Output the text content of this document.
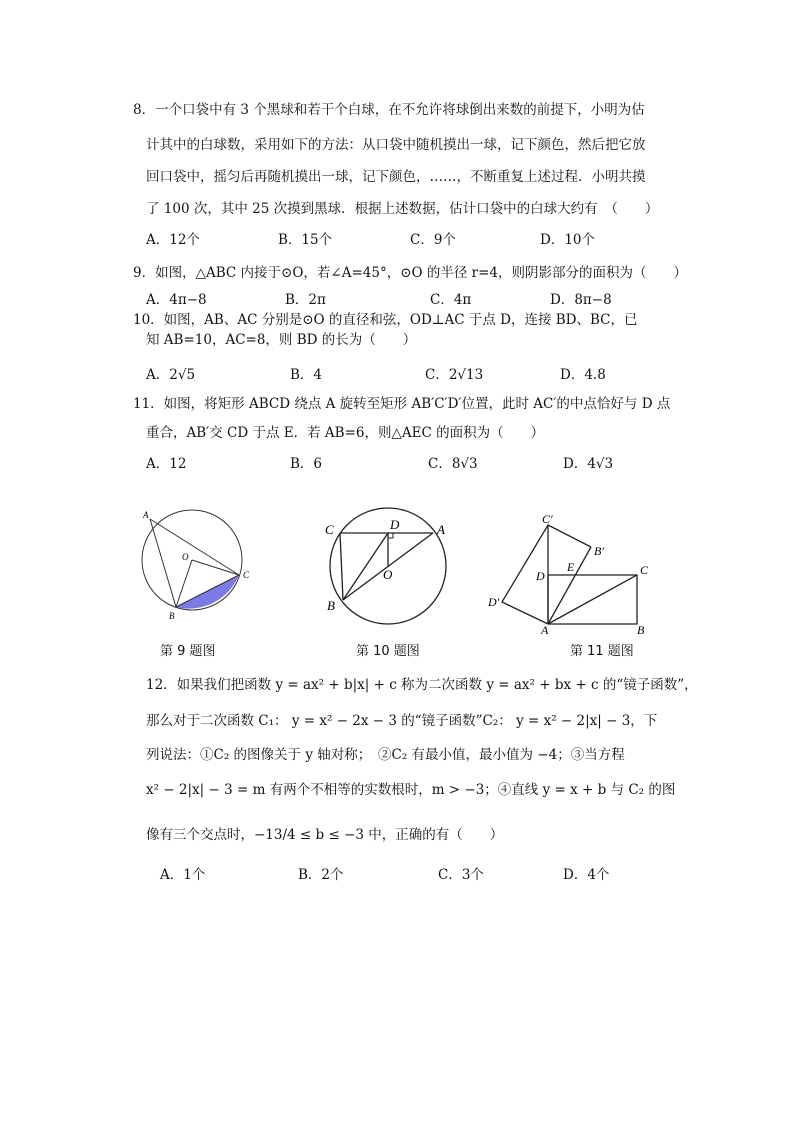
8．一个口袋中有 3 个黑球和若干个白球，在不允许将球倒出来数的前提下，小明为估
计其中的白球数，采用如下的方法：从口袋中随机摸出一球，记下颜色，然后把它放
回口袋中，摇匀后再随机摸出一球，记下颜色，……，不断重复上述过程．小明共摸
了 100 次，其中 25 次摸到黑球．根据上述数据，估计口袋中的白球大约有　（　　）
A．12个	B．15个	C．9个	D．10个
9．如图，△ABC 内接于⊙O，若∠A=45°，⊙O 的半径 r=4，则阴影部分的面积为（　　）
A．4π−8	B．2π	C．4π	D．8π−8
10．如图，AB、AC 分别是⊙O 的直径和弦，OD⊥AC 于点 D，连接 BD、BC，已
知 AB=10，AC=8，则 BD 的长为（　　）
A．2√5	B．4	C．2√13	D．4.8
11．如图，将矩形 ABCD 绕点 A 旋转至矩形 AB′C′D′位置，此时 AC′的中点恰好与 D 点
重合，AB′交 CD 于点 E．若 AB=6，则△AEC 的面积为（　　）
A．12	B．6	C．8√3	D．4√3
A
O
C
B
第 9 题图
C	D	A
O
B
第 10 题图
C′
B′
D
E	C
D′
A	B
第 11 题图
12．如果我们把函数 y = ax² + b|x| + c 称为二次函数 y = ax² + bx + c 的“镜子函数”，
那么对于二次函数 C₁： y = x² − 2x − 3 的“镜子函数”C₂： y = x² − 2|x| − 3，下
列说法：①C₂ 的图像关于 y 轴对称；　②C₂ 有最小值，最小值为 −4；③当方程
x² − 2|x| − 3 = m 有两个不相等的实数根时，m > −3；④直线 y = x + b 与 C₂ 的图
像有三个交点时，−13/4 ≤ b ≤ −3 中，正确的有（　　）
A．1个	B．2个	C．3个	D．4个
